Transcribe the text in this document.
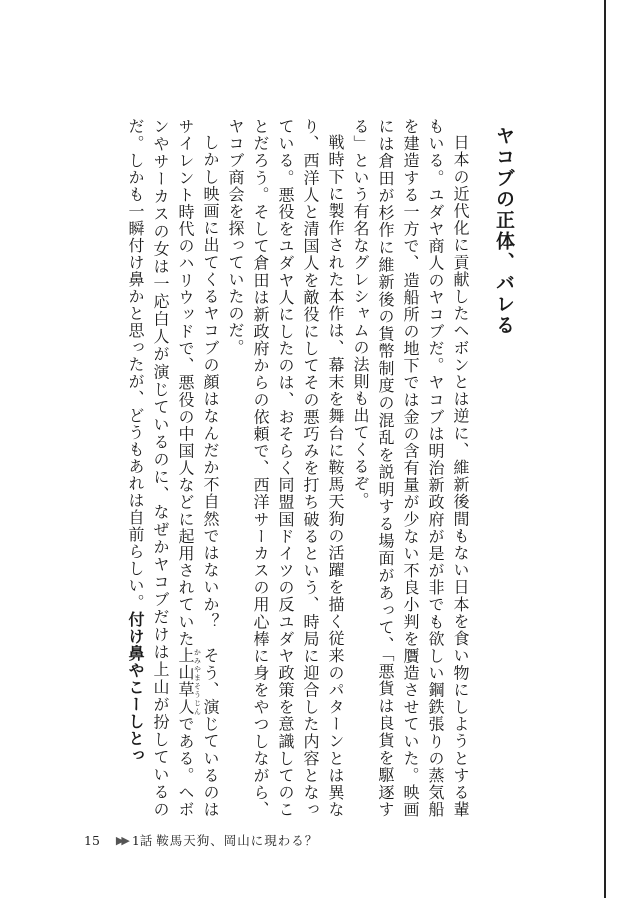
ヤコブの正体、バレる

日本の近代化に貢献したヘボンとは逆に、維新後間もない日本を食い物にしようとする輩もいる。ユダヤ商人のヤコブだ。ヤコブは明治新政府が是が非でも欲しい鋼鉄張りの蒸気船を建造する一方で、造船所の地下では金の含有量が少ない不良小判を贋造させていた。映画には倉田が杉作に維新後の貨幣制度の混乱を説明する場面があって、「悪貨は良貨を駆逐する」という有名なグレシャムの法則も出てくるぞ。

戦時下に製作された本作は、幕末を舞台に鞍馬天狗の活躍を描く従来のパターンとは異なり、西洋人と清国人を敵役にしてその悪巧みを打ち破るという、時局に迎合した内容となっている。悪役をユダヤ人にしたのは、おそらく同盟国ドイツの反ユダヤ政策を意識してのことだろう。そして倉田は新政府からの依頼で、西洋サーカスの用心棒に身をやつしながら、ヤコブ商会を探っていたのだ。

しかし映画に出てくるヤコブの顔はなんだか不自然ではないか？　そう、演じているのはサイレント時代のハリウッドで、悪役の中国人などに起用されていた上山草人かみやまそうじんである。ヘボンやサーカスの女は一応白人が演じているのに、なぜかヤコブだけは上山が扮しているのだ。しかも一瞬付け鼻かと思ったが、どうもあれは自前らしい。付け鼻やこーしとっ

15 ▶▶ 1話 鞍馬天狗、岡山に現わる？
